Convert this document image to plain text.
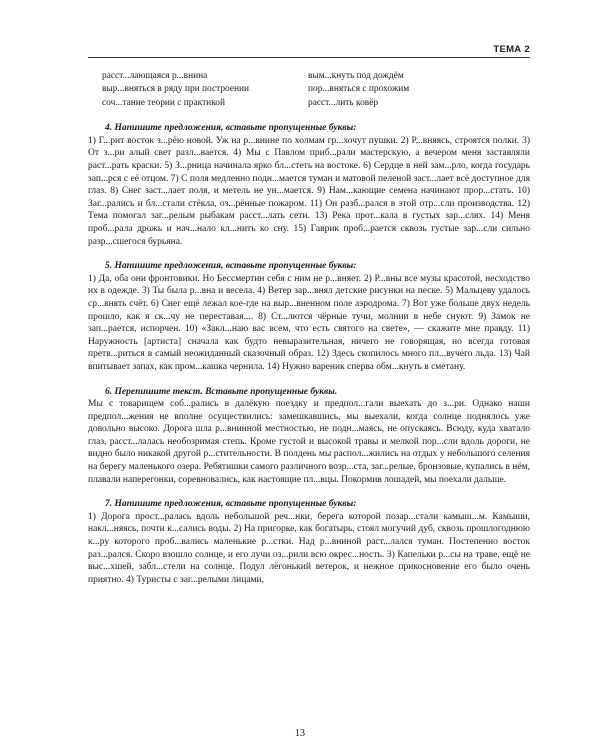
ТЕМА 2
расст...лающаяся р...внина	вым...кнуть под дождём
выр...вняться в ряду при построении	пор...вняться с прохожим
соч...тание теории с практикой	расст...лить ковёр
4. Напишите предложения, вставьте пропущенные буквы:

1) Г...рит восток з...рёю новой. Уж на р...внине по холмам гр...хочут пушки. 2) Р...вняясь, строятся полки. 3) От з...ри алый свет разл...вается. 4) Мы с Павлом приб...рали мастерскую, а вечером меня заставляли раст...рать краски. 5) З...рница начинала ярко бл...стеть на востоке. 6) Сердце в ней зам...рло, когда государь зап...рся с её отцом. 7) С поля медленно подн...мается туман и матовой пеленой заст...лает всё доступное для глаз. 8) Снег заст...лает поля, и метель не ун...мается. 9) Нам...кающие семена начинают прор...стать. 10) Заг...рались и бл...стали стёкла, оз...рённые пожаром. 11) Он разб...рался в этой отр...сли производства. 12) Тема помогал заг...релым рыбакам расст...лать сети. 13) Река прот...кала в густых зар...слях. 14) Меня проб...рала дрожь и нач...нало кл...нить ко сну. 15) Гаврик проб...рается сквозь густые зар...сли сильно разр...сшегося бурьяна.

5. Напишите предложения, вставьте пропущенные буквы:

1) Да, оба они фронтовики. Но Бессмертин себя с ним не р...вняет. 2) Р...вны все музы красотой, несходство их в одежде. 3) Ты была р...вна и весела. 4) Ветер зар...внял детские рисунки на песке. 5) Мальцеву удалось ср...внять счёт. 6) Снег ещё лежал кое-где на выр...вненном поле аэродрома. 7) Вот уже больше двух недель прошло, как я ск...чу не переставая.... 8) Ст...лются чёрные тучи, молнии в небе снуют. 9) Замок не зап...рается, испорчен. 10) «Закл...наю вас всем, что есть святого на свете», — скажите мне правду. 11) Наружность [артиста] сначала как будто невыразительная, ничего не говорящая, но всегда готовая претв...риться в самый неожиданный сказочный образ. 12) Здесь скопилось много пл...вучего льда. 13) Чай впитывает запах, как пром...кашка чернила. 14) Нужно вареник сперва обм...кнуть в сметану.

6. Перепишите текст. Вставьте пропущенные буквы.

Мы с товарищем соб...рались в далёкую поездку и предпол...гали выехать до з...ри. Однако наши предпол...жения не вполне осуществились: замешкавшись, мы выехали, когда солнце поднялось уже довольно высоко. Дорога шла р...внинной местностью, не подн...маясь, не опускаясь. Всюду, куда хватало глаз, расст...лалась необозримая степь. Кроме густой и высокой травы и мелкой пор...сли вдоль дороги, не видно было никакой другой р...стительности. В полдень мы распол...жились на отдых у небольшого селения на берегу маленького озера. Ребятишки самого различного возр...ста, заг...релые, бронзовые, купались в нём, плавали наперегонки, соревновались, как настоящие пл...вцы. Покормив лошадей, мы поехали дальше.

7. Напишите предложения, вставьте пропущенные буквы:

1) Дорога прост...ралась вдоль небольшой реч...нки, берега которой позар...стали камыш...м. Камыши, накл...няясь, почти к...сались воды. 2) На пригорке, как богатырь, стоял могучий дуб, сквозь прошлогоднюю к...ру которого проб...вались маленькие р...стки. Над р...вниной раст...лался туман. Постепенно восток раз...рался. Скоро взошло солнце, и его лучи оз...рили всю окрес...ность. 3) Капельки р...сы на траве, ещё не выс...хшей, забл...стели на солнце. Подул лёгонький ветерок, и нежное прикосновение его было очень приятно. 4) Туристы с заг...релыми лицами,

13
